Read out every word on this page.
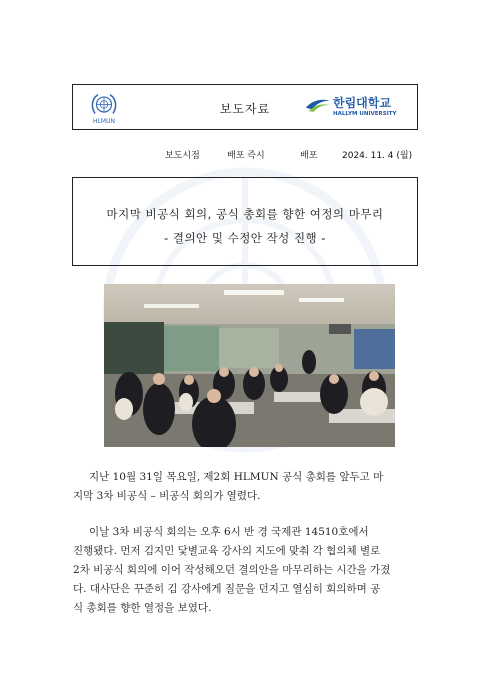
HLMUN
보도자료	한림대학교
HALLYM UNIVERSITY
보도시점	배포 즉시	배포	2024. 11. 4 (월)
마지막 비공식 회의, 공식 총회를 향한 여정의 마무리
- 결의안 및 수정안 작성 진행 -
지난 10월 31일 목요일, 제2회 HLMUN 공식 총회를 앞두고 마
지막 3차 비공식 – 비공식 회의가 열렸다.
이날 3차 비공식 회의는 오후 6시 반 경 국제관 14510호에서
진행됐다. 먼저 김지민 닻별교육 강사의 지도에 맞춰 각 협의체 별로
2차 비공식 회의에 이어 작성해오던 결의안을 마무리하는 시간을 가졌
다. 대사단은 꾸준히 김 강사에게 질문을 던지고 열심히 회의하며 공
식 총회를 향한 열정을 보였다.
